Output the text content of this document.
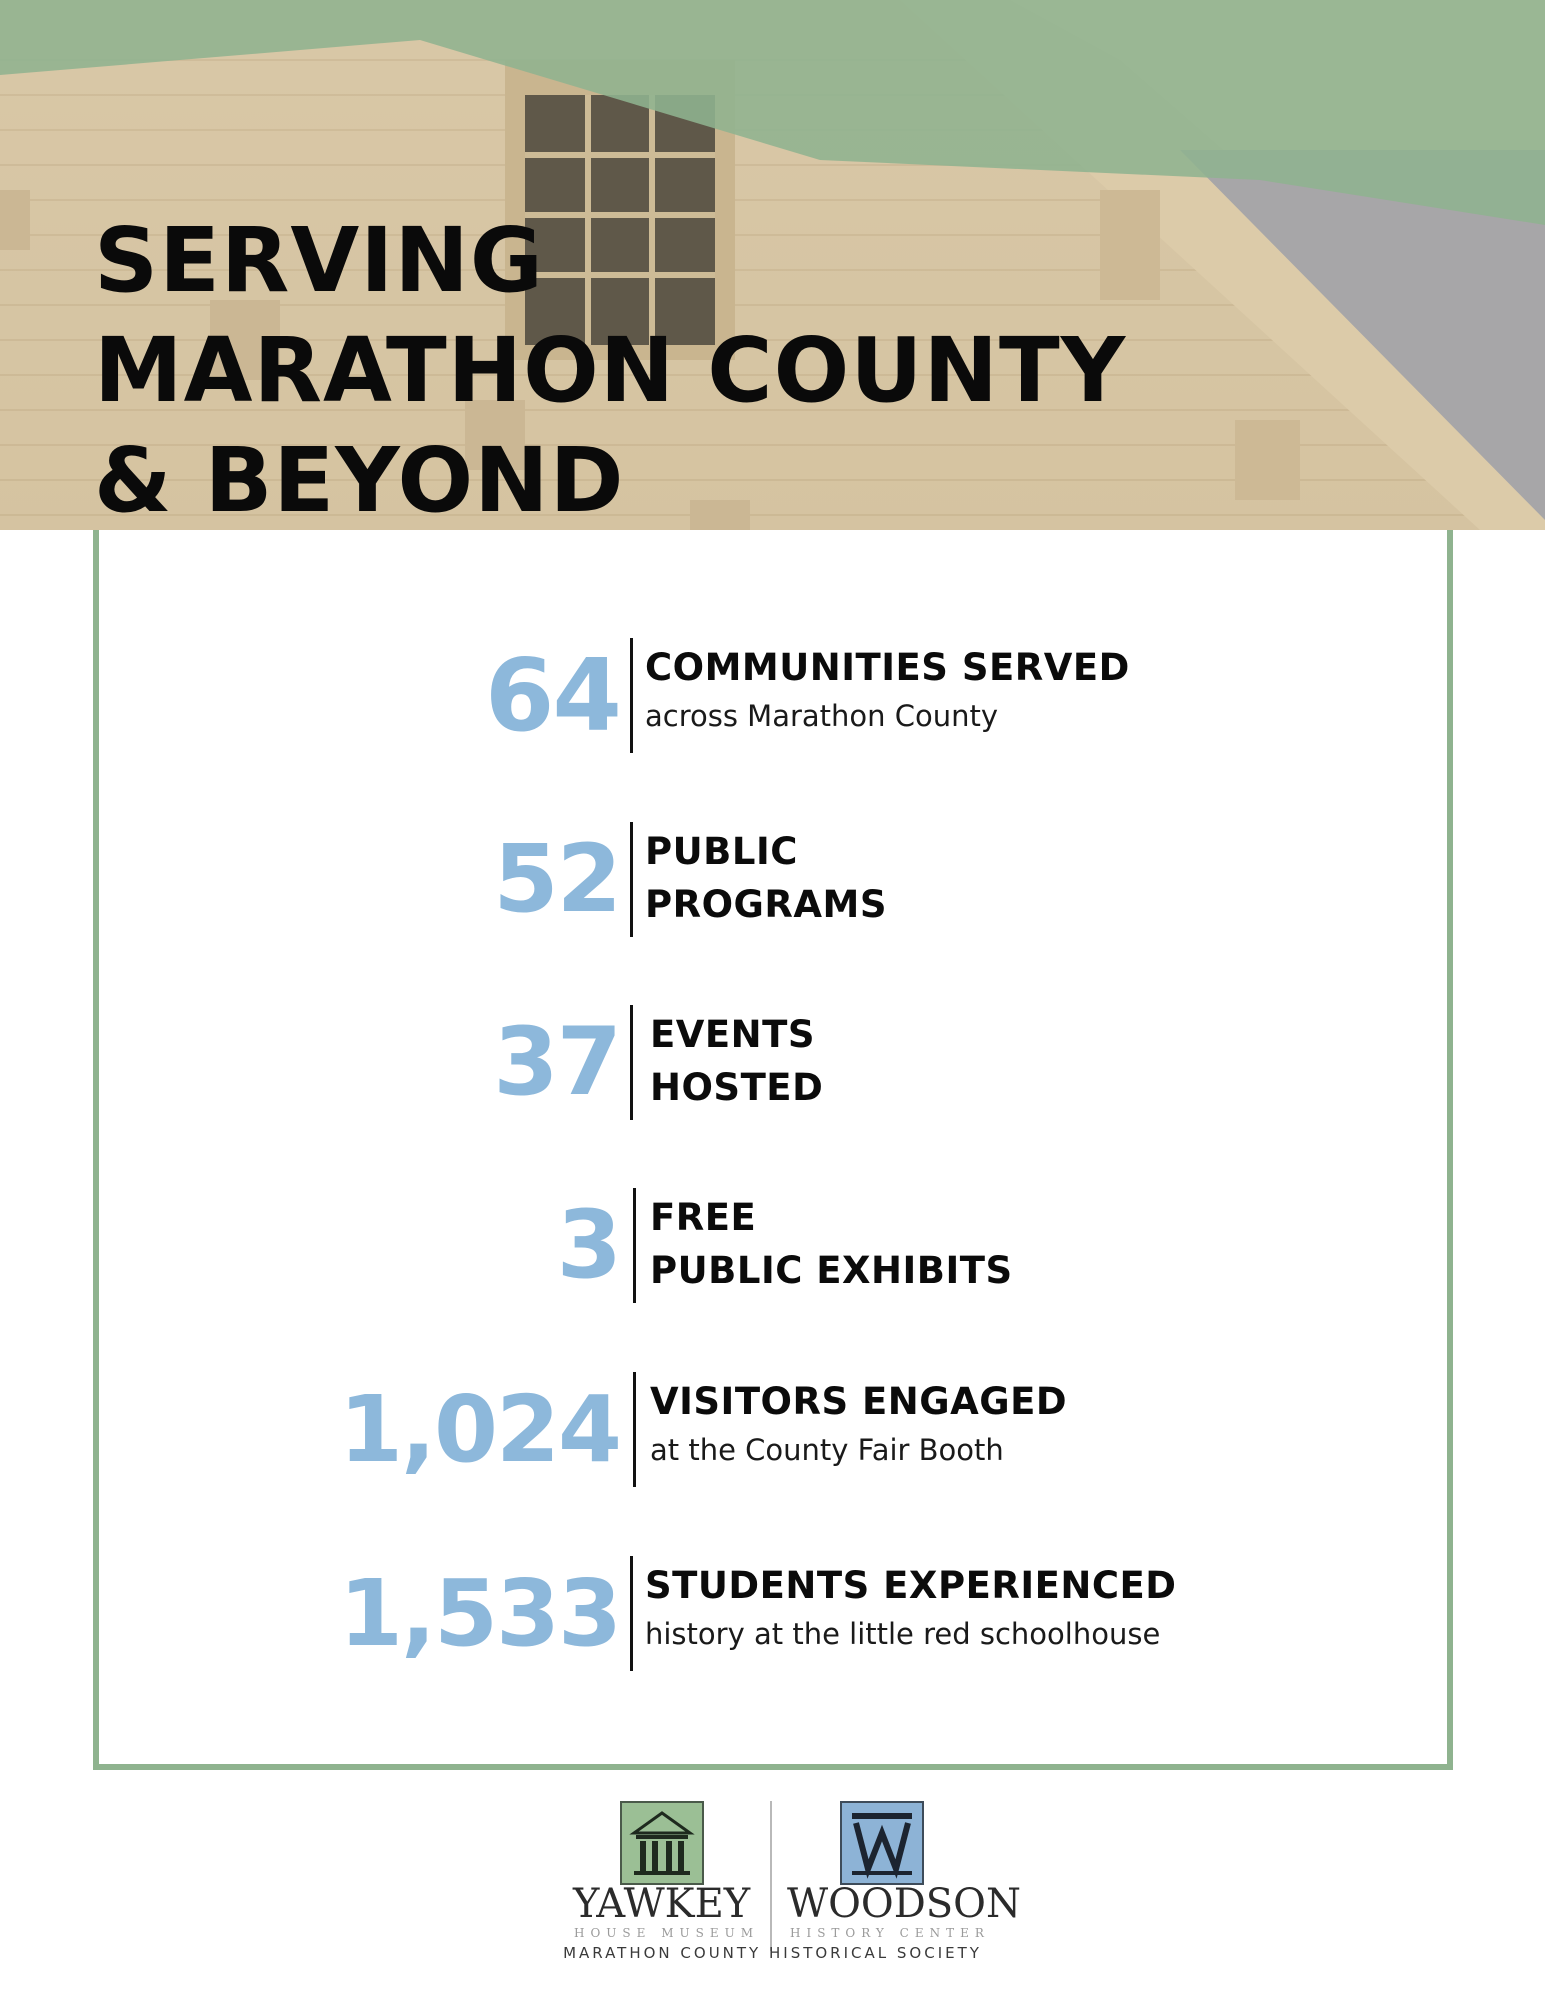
SERVING
MARATHON COUNTY
& BEYOND
64 COMMUNITIES SERVED
across Marathon County
52 PUBLIC
PROGRAMS
37 EVENTS
HOSTED
3 FREE
PUBLIC EXHIBITS
1,024 VISITORS ENGAGED
at the County Fair Booth
1,533 STUDENTS EXPERIENCED
history at the little red schoolhouse
YAWKEY WOODSON
HOUSE MUSEUM	HISTORY CENTER
MARATHON COUNTY HISTORICAL SOCIETY
